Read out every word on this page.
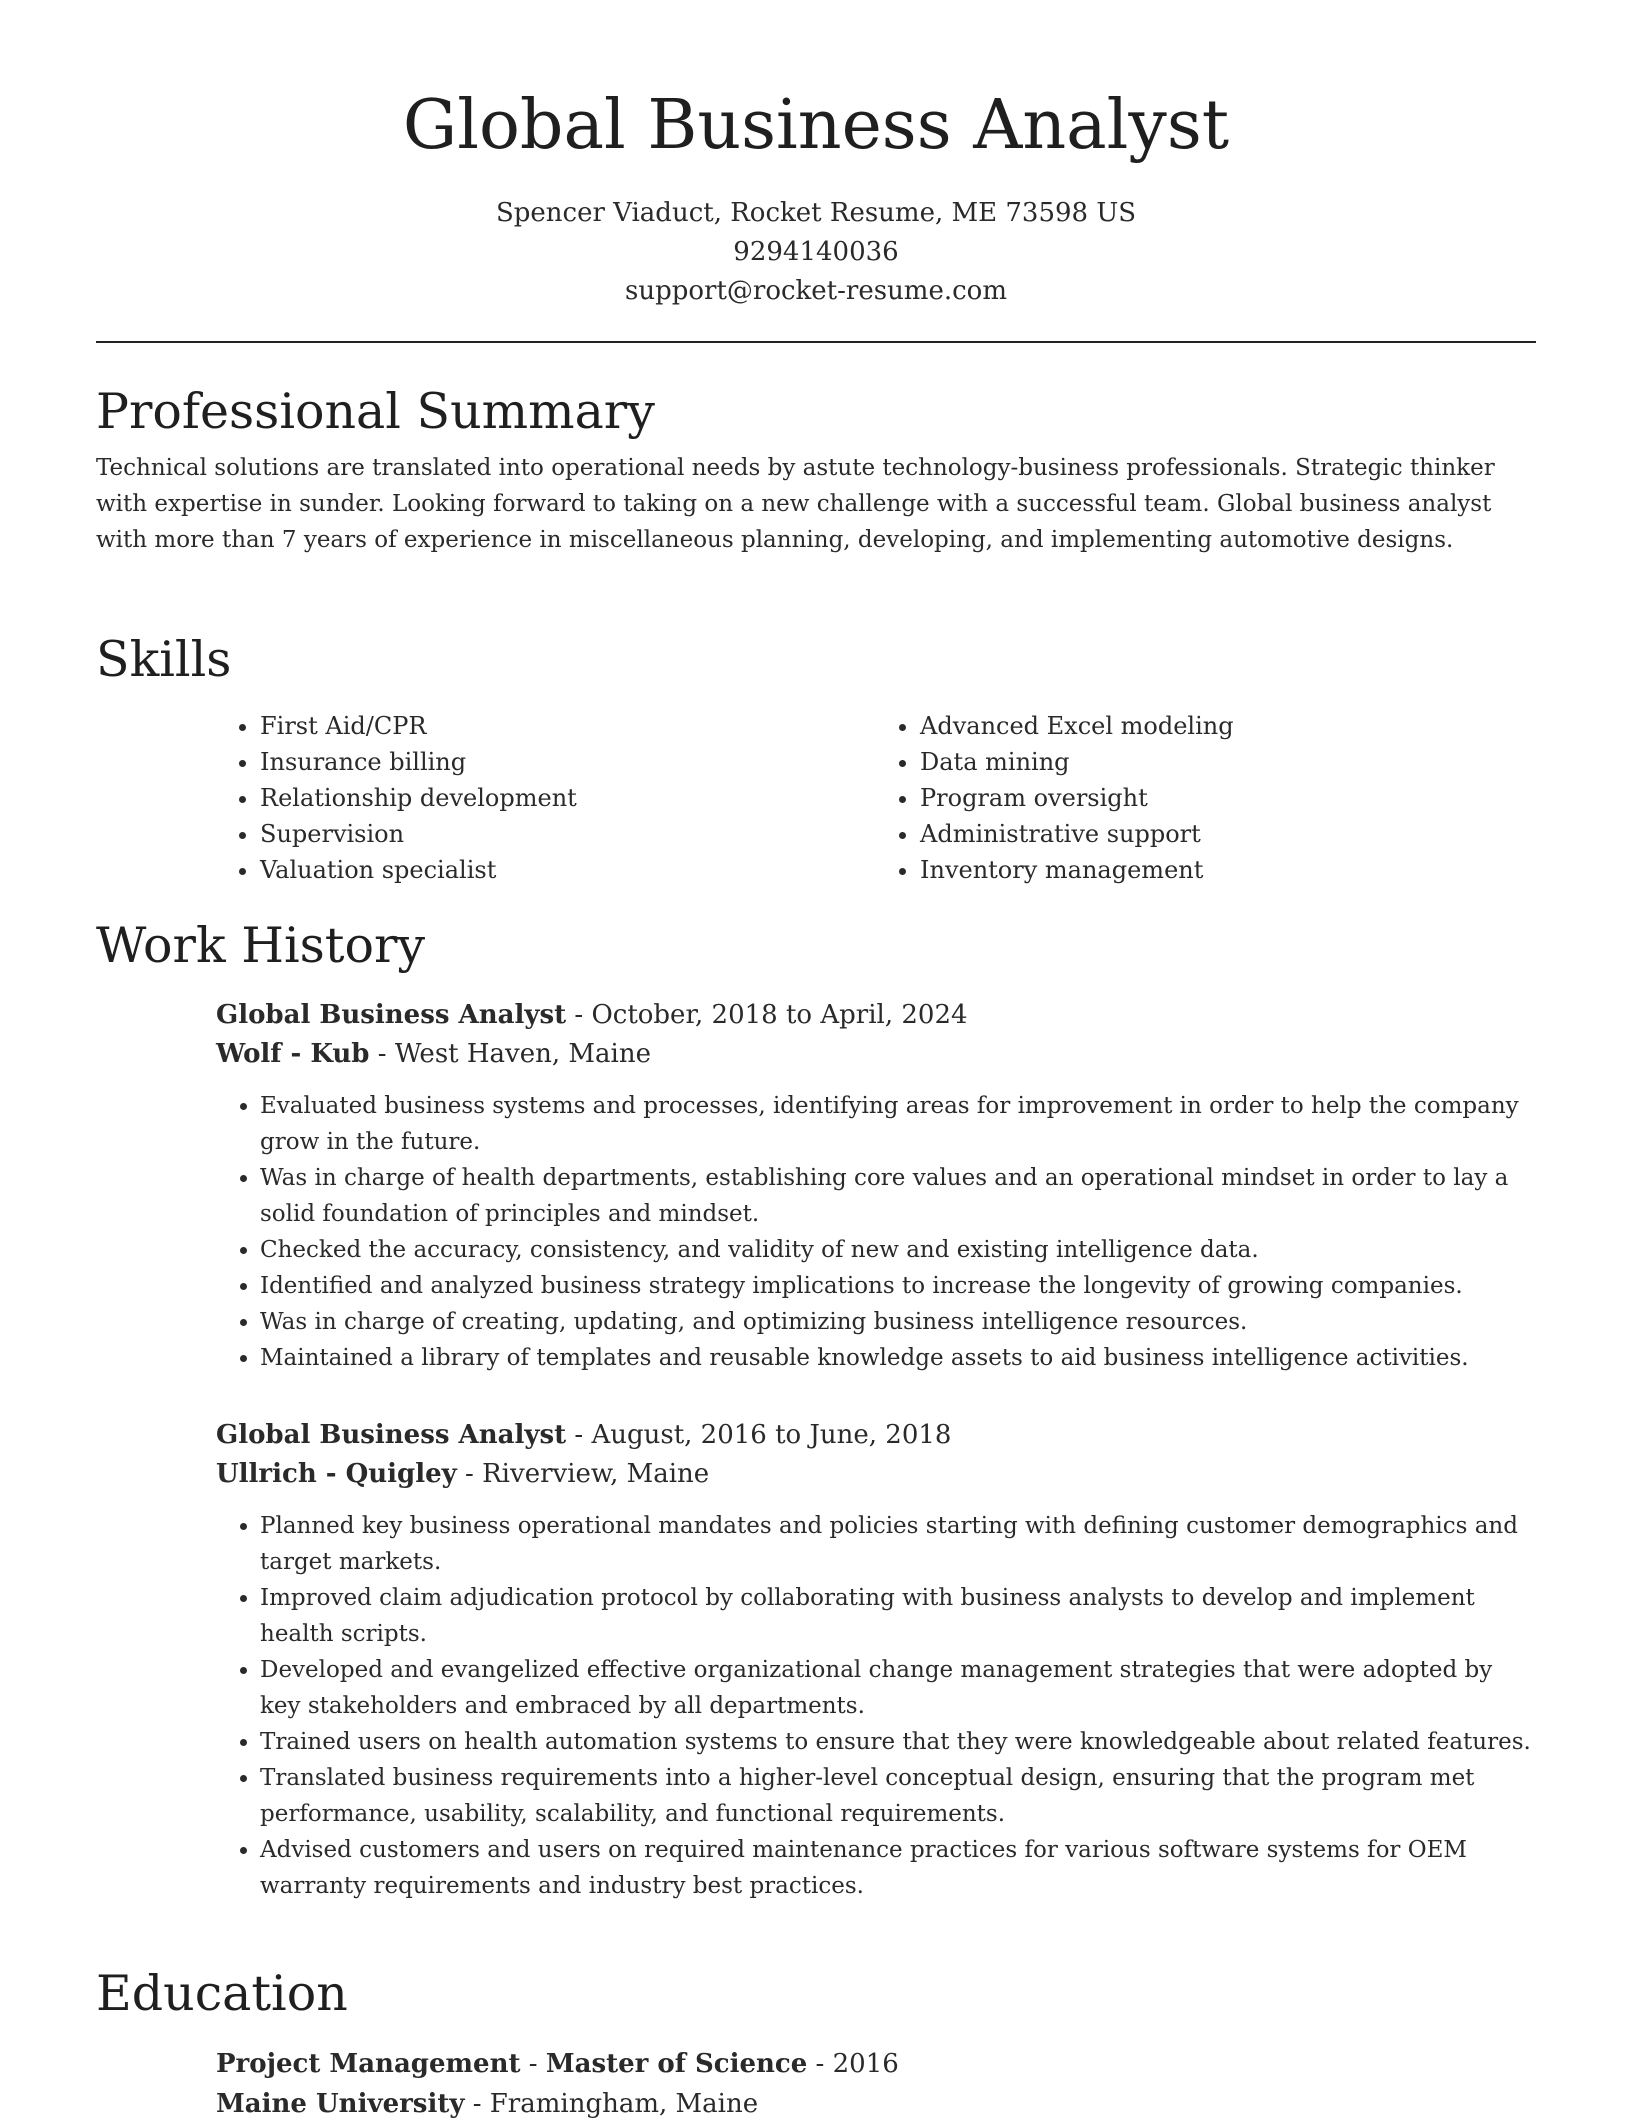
Global Business Analyst
Spencer Viaduct, Rocket Resume, ME 73598 US
9294140036
support@rocket-resume.com
Professional Summary

Technical solutions are translated into operational needs by astute technology-business professionals. Strategic thinker with expertise in sunder. Looking forward to taking on a new challenge with a successful team. Global business analyst with more than 7 years of experience in miscellaneous planning, developing, and implementing automotive designs.

Skills
• First Aid/CPR
• Insurance billing
• Relationship development
• Supervision
• Valuation specialist
• Advanced Excel modeling
• Data mining
• Program oversight
• Administrative support
• Inventory management
Work History
Global Business Analyst - October, 2018 to April, 2024
Wolf - Kub - West Haven, Maine
• Evaluated business systems and processes, identifying areas for improvement in order to help the company grow in the future.
• Was in charge of health departments, establishing core values and an operational mindset in order to lay a solid foundation of principles and mindset.
• Checked the accuracy, consistency, and validity of new and existing intelligence data.
• Identified and analyzed business strategy implications to increase the longevity of growing companies.
• Was in charge of creating, updating, and optimizing business intelligence resources.
• Maintained a library of templates and reusable knowledge assets to aid business intelligence activities.
Global Business Analyst - August, 2016 to June, 2018
Ullrich - Quigley - Riverview, Maine
• Planned key business operational mandates and policies starting with defining customer demographics and target markets.
• Improved claim adjudication protocol by collaborating with business analysts to develop and implement health scripts.
• Developed and evangelized effective organizational change management strategies that were adopted by key stakeholders and embraced by all departments.
• Trained users on health automation systems to ensure that they were knowledgeable about related features.
• Translated business requirements into a higher-level conceptual design, ensuring that the program met performance, usability, scalability, and functional requirements.
• Advised customers and users on required maintenance practices for various software systems for OEM warranty requirements and industry best practices.
Education
Project Management - Master of Science - 2016
Maine University - Framingham, Maine
